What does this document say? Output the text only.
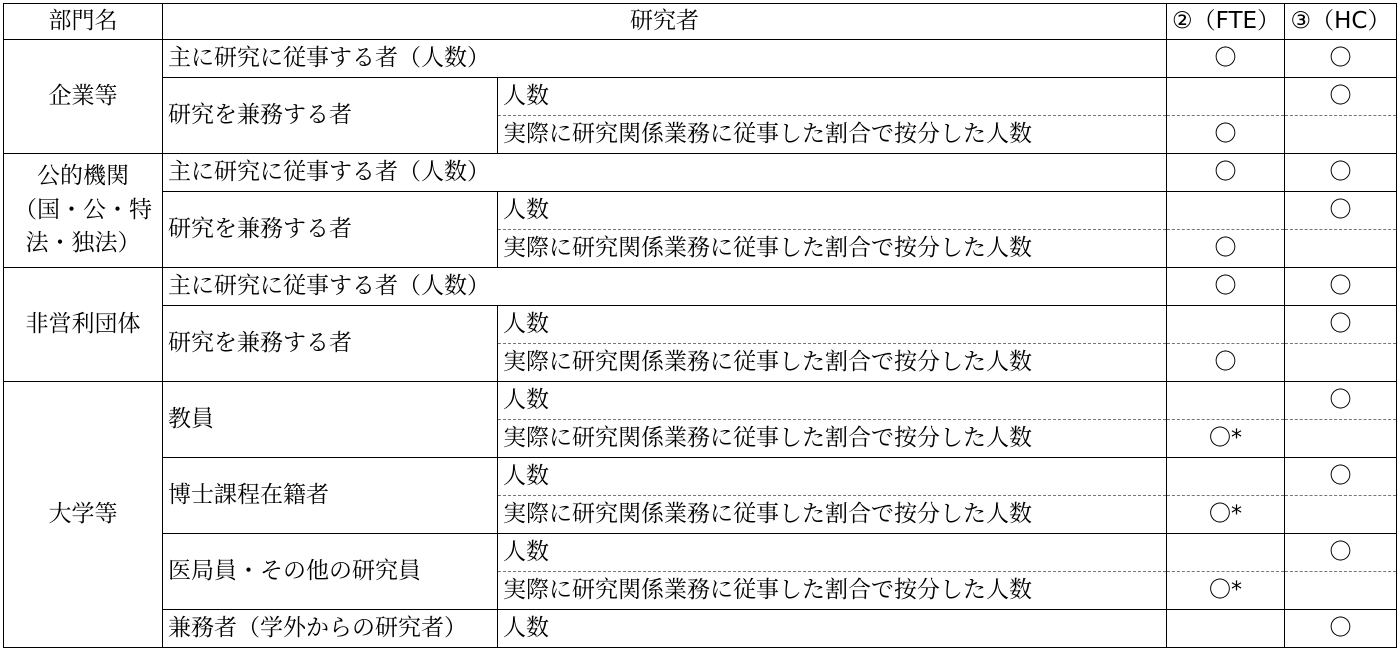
部門名	研究者		②（FTE）	③（HC）
企業等	主に研究に従事する者（人数）		〇	〇
	研究を兼務する者	人数		〇
		実際に研究関係業務に従事した割合で按分した人数	〇	
公的機関
（国・公・特
法・独法）	主に研究に従事する者（人数）		〇	〇
	研究を兼務する者	人数		〇
		実際に研究関係業務に従事した割合で按分した人数	〇	
非営利団体	主に研究に従事する者（人数）		〇	〇
	研究を兼務する者	人数		〇
		実際に研究関係業務に従事した割合で按分した人数	〇	
大学等	教員	人数		〇
		実際に研究関係業務に従事した割合で按分した人数	〇*	
	博士課程在籍者	人数		〇
		実際に研究関係業務に従事した割合で按分した人数	〇*	
	医局員・その他の研究員	人数		〇
		実際に研究関係業務に従事した割合で按分した人数	〇*	
	兼務者（学外からの研究者）	人数		〇
